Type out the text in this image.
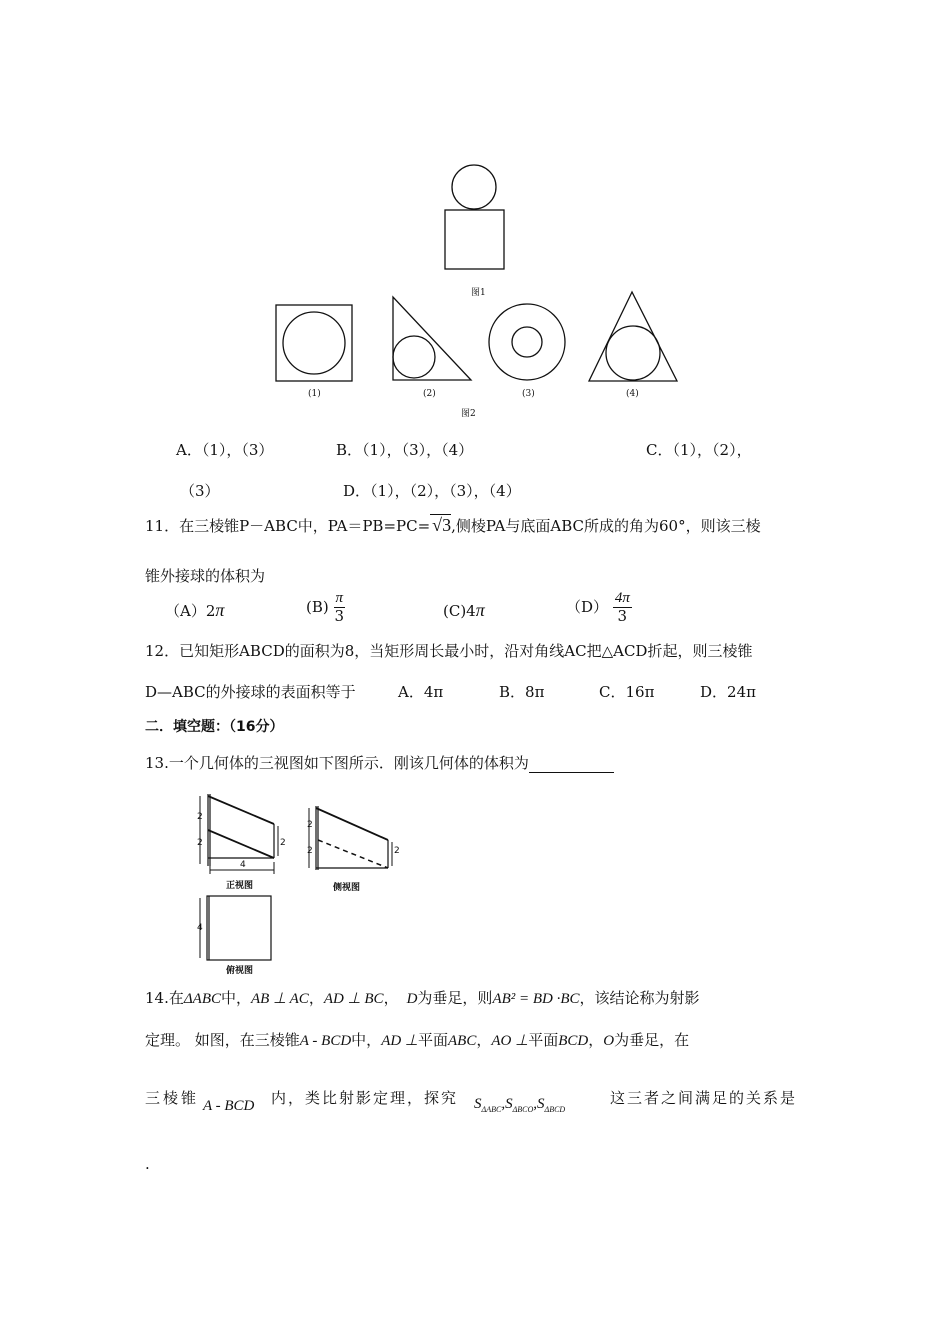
图1
(1)	(2)	(3)	(4)
图2
A．（1），（3）	B．（1），（3），（4）	C．（1），（2），
（3）	D．（1），（2），（3），（4）
11．在三棱锥P－ABC中，PA＝PB=PC= √3,侧棱PA与底面ABC所成的角为60°，则该三棱
锥外接球的体积为
（A）2π	$(B) \frac{\pi}{3}$	(C)4π	$(D) \frac{4\pi}{3}$
12．已知矩形ABCD的面积为8，当矩形周长最小时，沿对角线AC把△ACD折起，则三棱锥
D—ABC的外接球的表面积等于	A．4π	B．8π	C．16π	D．24π
二．填空题：（16分）
13.一个几何体的三视图如下图所示．刚该几何体的体积为
2
2	2
4
正视图
2
2	2
侧视图
4
俯视图
14.在ΔABC中，AB ⊥ AC，AD ⊥ BC， D为垂足，则AB² = BD ·BC，该结论称为射影
定理。 如图，在三棱锥A - BCD中，AD ⊥平面ABC，AO ⊥平面BCD，O为垂足，在
三棱锥 A - BCD 内，类比射影定理，探究 $S_{\Delta ABC},S_{\Delta BCO},S_{\Delta BCD}$
这三者之间满足的关系是
.
